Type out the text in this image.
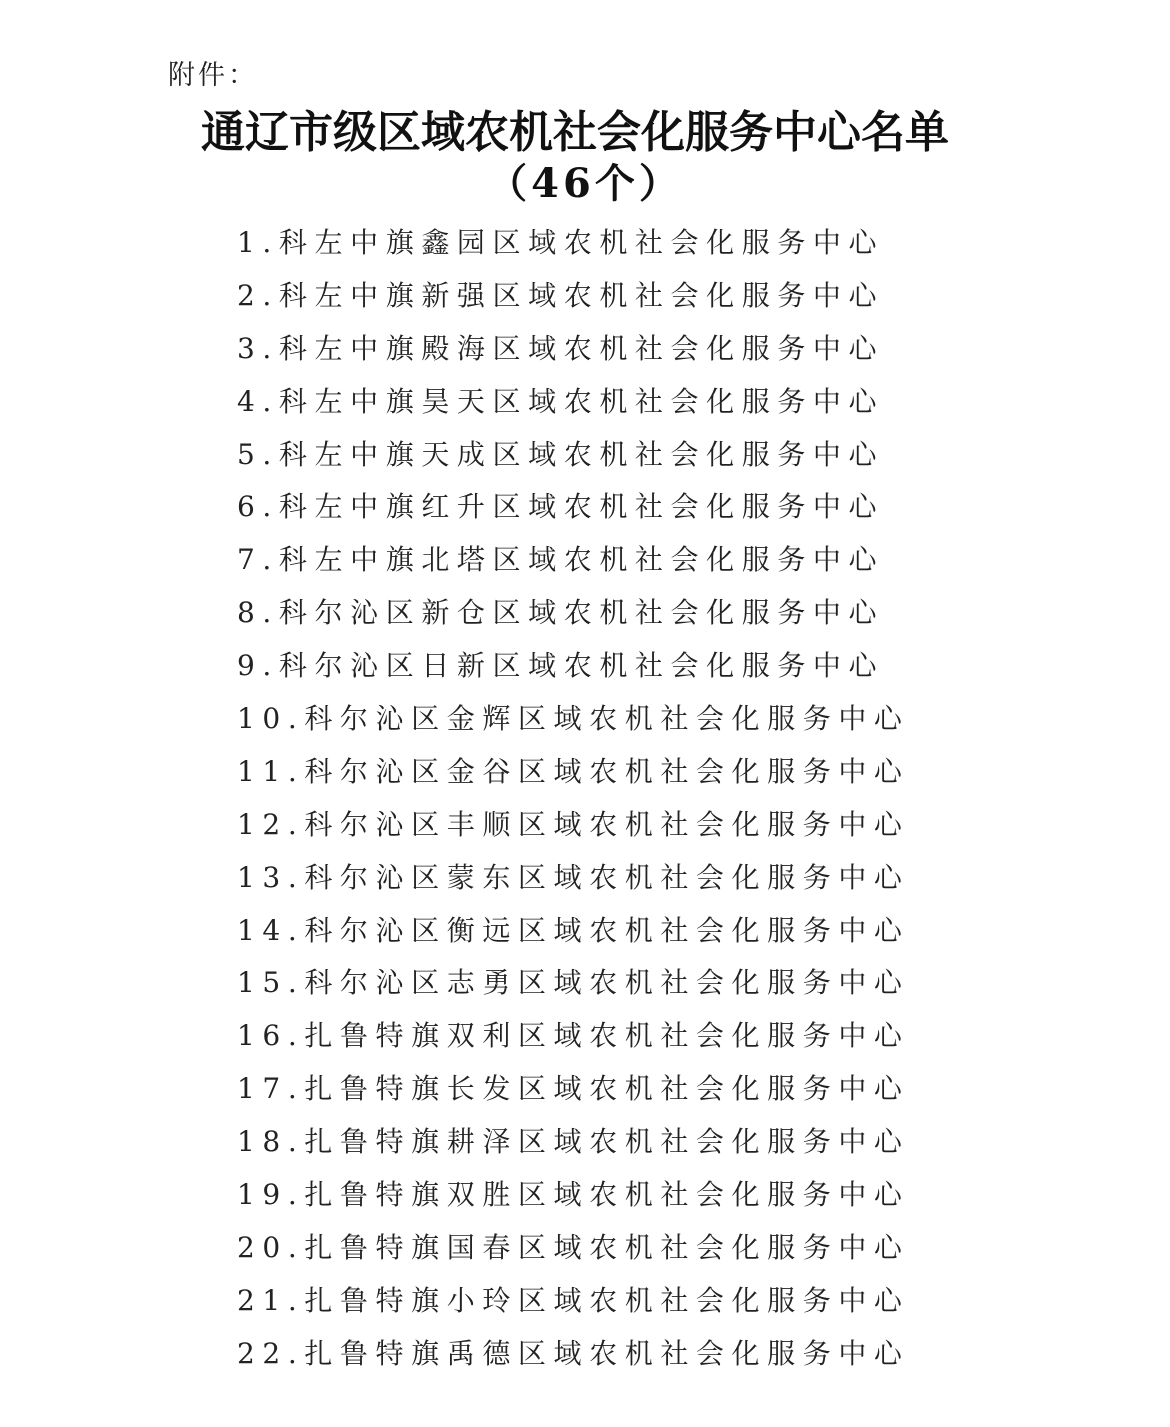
附件：
通辽市级区域农机社会化服务中心名单
（46个）
1.科左中旗鑫园区域农机社会化服务中心
2.科左中旗新强区域农机社会化服务中心
3.科左中旗殿海区域农机社会化服务中心
4.科左中旗昊天区域农机社会化服务中心
5.科左中旗天成区域农机社会化服务中心
6.科左中旗红升区域农机社会化服务中心
7.科左中旗北塔区域农机社会化服务中心
8.科尔沁区新仓区域农机社会化服务中心
9.科尔沁区日新区域农机社会化服务中心
10.科尔沁区金辉区域农机社会化服务中心
11.科尔沁区金谷区域农机社会化服务中心
12.科尔沁区丰顺区域农机社会化服务中心
13.科尔沁区蒙东区域农机社会化服务中心
14.科尔沁区衡远区域农机社会化服务中心
15.科尔沁区志勇区域农机社会化服务中心
16.扎鲁特旗双利区域农机社会化服务中心
17.扎鲁特旗长发区域农机社会化服务中心
18.扎鲁特旗耕泽区域农机社会化服务中心
19.扎鲁特旗双胜区域农机社会化服务中心
20.扎鲁特旗国春区域农机社会化服务中心
21.扎鲁特旗小玲区域农机社会化服务中心
22.扎鲁特旗禹德区域农机社会化服务中心
